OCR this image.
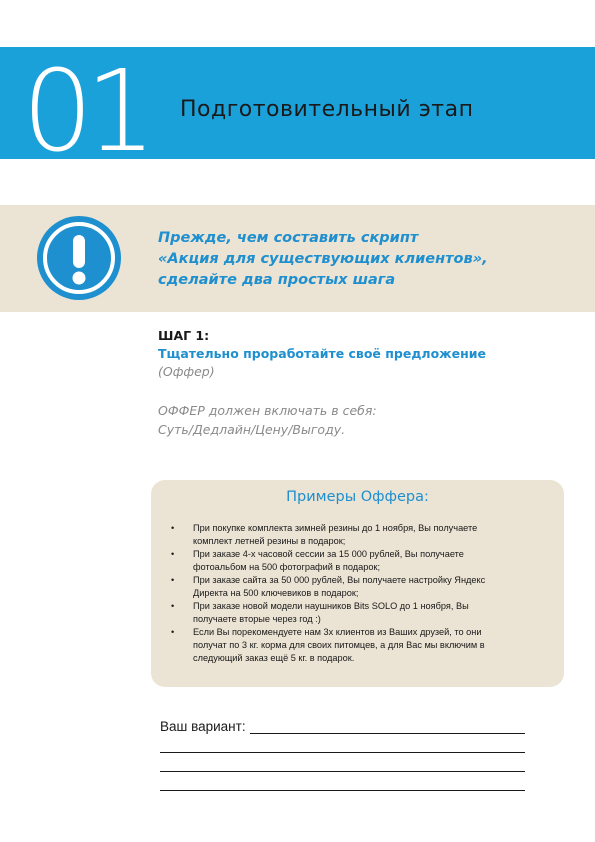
01 Подготовительный этап
Прежде, чем составить скрипт
«Акция для существующих клиентов»,
сделайте два простых шага
ШАГ 1:
Тщательно проработайте своё предложение
(Оффер)
ОФФЕР должен включать в себя:
Суть/Дедлайн/Цену/Выгоду.
Примеры Оффера:
• При покупке комплекта зимней резины до 1 ноября, Вы получаете
комплект летней резины в подарок;
• При заказе 4-х часовой сессии за 15 000 рублей, Вы получаете
фотоальбом на 500 фотографий в подарок;
• При заказе сайта за 50 000 рублей, Вы получаете настройку Яндекс
Директа на 500 ключевиков в подарок;
• При заказе новой модели наушников Bits SOLO до 1 ноября, Вы
получаете вторые через год :)
• Если Вы порекомендуете нам 3х клиентов из Ваших друзей, то они
получат по 3 кг. корма для своих питомцев, а для Вас мы включим в
следующий заказ ещё 5 кг. в подарок.
Ваш вариант:
